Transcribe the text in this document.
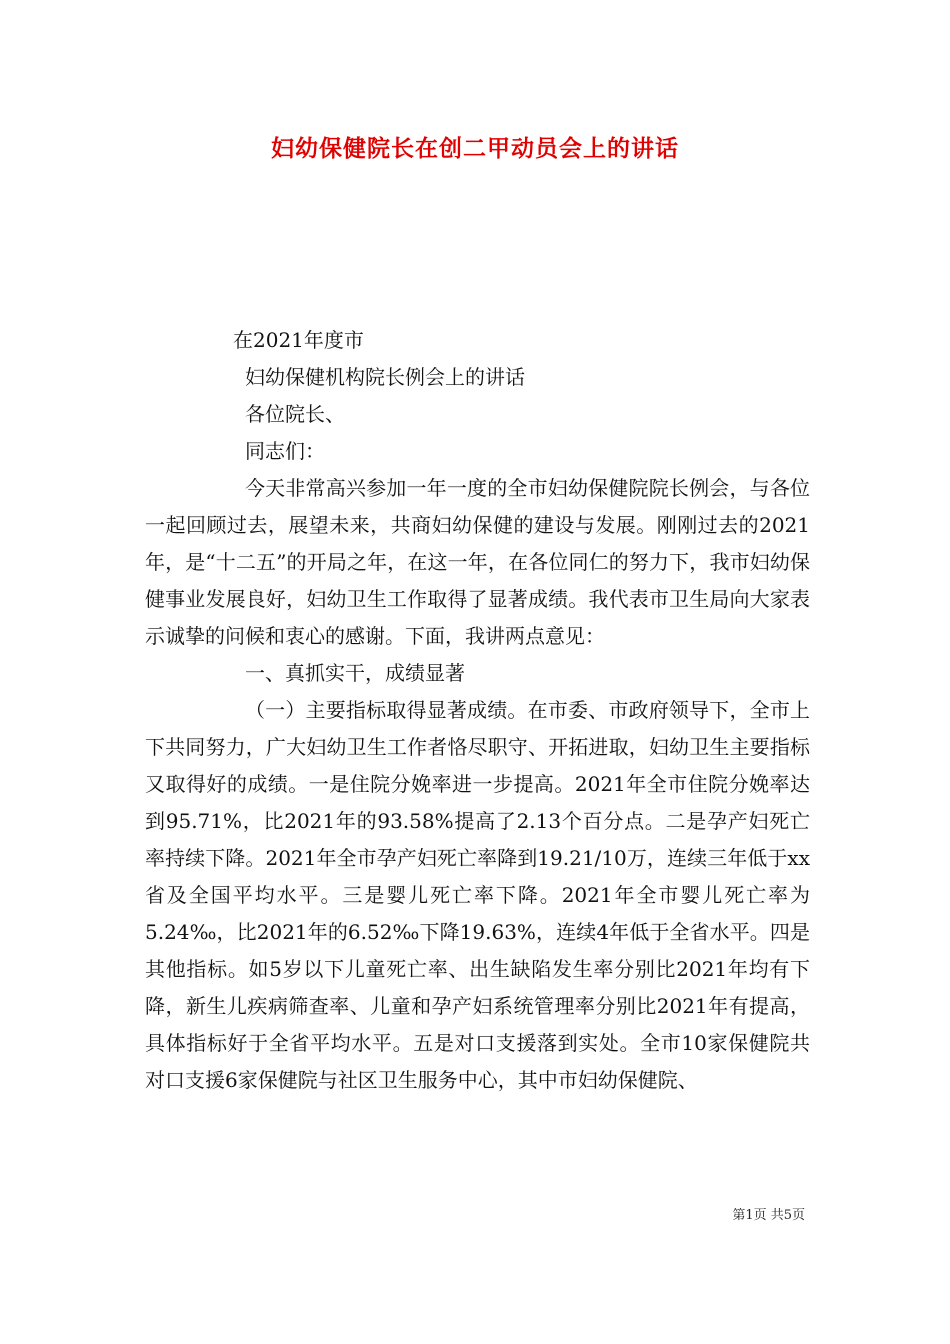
妇幼保健院长在创二甲动员会上的讲话

在2021年度市

妇幼保健机构院长例会上的讲话

各位院长、

同志们：

今天非常高兴参加一年一度的全市妇幼保健院院长例会，与各位一起回顾过去，展望未来，共商妇幼保健的建设与发展。刚刚过去的2021年，是“十二五”的开局之年，在这一年，在各位同仁的努力下，我市妇幼保健事业发展良好，妇幼卫生工作取得了显著成绩。我代表市卫生局向大家表示诚挚的问候和衷心的感谢。下面，我讲两点意见：

一、真抓实干，成绩显著

（一）主要指标取得显著成绩。在市委、市政府领导下，全市上下共同努力，广大妇幼卫生工作者恪尽职守、开拓进取，妇幼卫生主要指标又取得好的成绩。一是住院分娩率进一步提高。2021年全市住院分娩率达到95.71%，比2021年的93.58%提高了2.13个百分点。二是孕产妇死亡率持续下降。2021年全市孕产妇死亡率降到19.21/10万，连续三年低于xx省及全国平均水平。三是婴儿死亡率下降。2021年全市婴儿死亡率为5.24‰，比2021年的6.52‰下降19.63%，连续4年低于全省水平。四是其他指标。如5岁以下儿童死亡率、出生缺陷发生率分别比2021年均有下降，新生儿疾病筛查率、儿童和孕产妇系统管理率分别比2021年有提高，具体指标好于全省平均水平。五是对口支援落到实处。全市10家保健院共对口支援6家保健院与社区卫生服务中心，其中市妇幼保健院、

第1页 共5页
